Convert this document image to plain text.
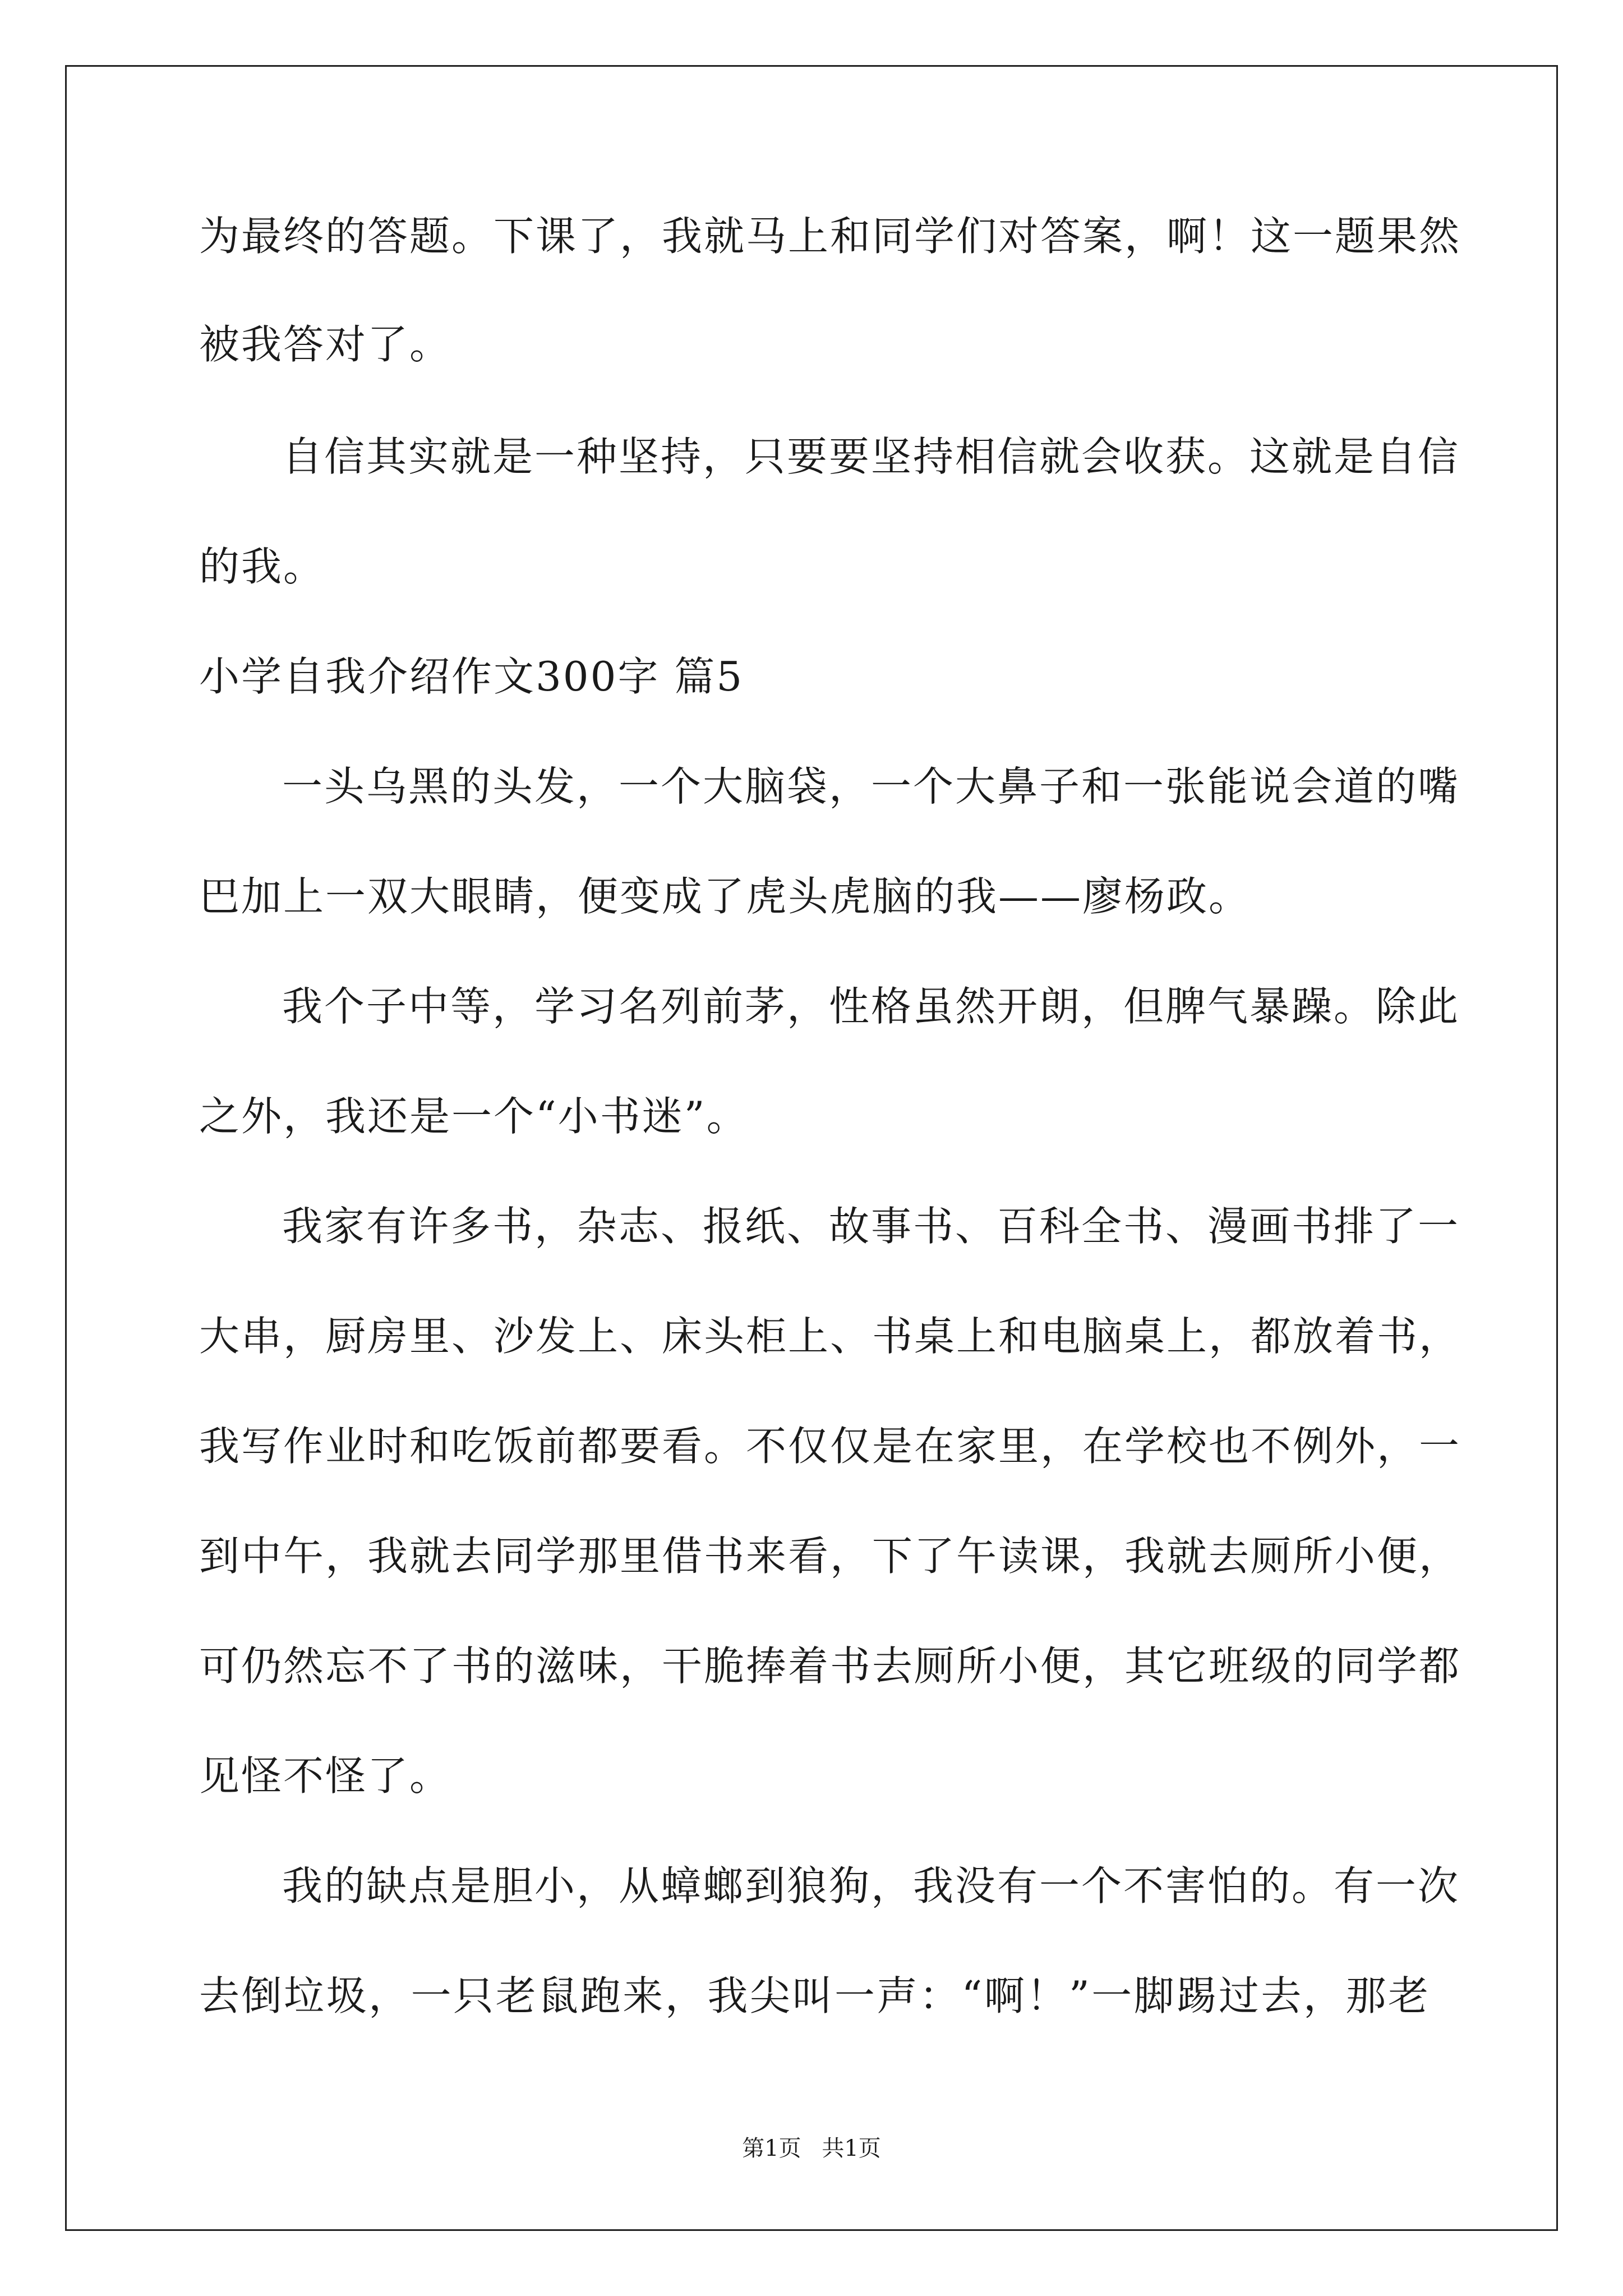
为最终的答题。下课了，我就马上和同学们对答案，啊！这一题果然

被我答对了。

自信其实就是一种坚持，只要要坚持相信就会收获。这就是自信

的我。

小学自我介绍作文300字 篇5

一头乌黑的头发，一个大脑袋，一个大鼻子和一张能说会道的嘴

巴加上一双大眼睛，便变成了虎头虎脑的我——廖杨政。

我个子中等，学习名列前茅，性格虽然开朗，但脾气暴躁。除此

之外，我还是一个“小书迷”。

我家有许多书，杂志、报纸、故事书、百科全书、漫画书排了一

大串，厨房里、沙发上、床头柜上、书桌上和电脑桌上，都放着书，

我写作业时和吃饭前都要看。不仅仅是在家里，在学校也不例外，一

到中午，我就去同学那里借书来看，下了午读课，我就去厕所小便，

可仍然忘不了书的滋味，干脆捧着书去厕所小便，其它班级的同学都

见怪不怪了。

我的缺点是胆小，从蟑螂到狼狗，我没有一个不害怕的。有一次

去倒垃圾，一只老鼠跑来，我尖叫一声：“啊！”一脚踢过去，那老

第1页 共1页
